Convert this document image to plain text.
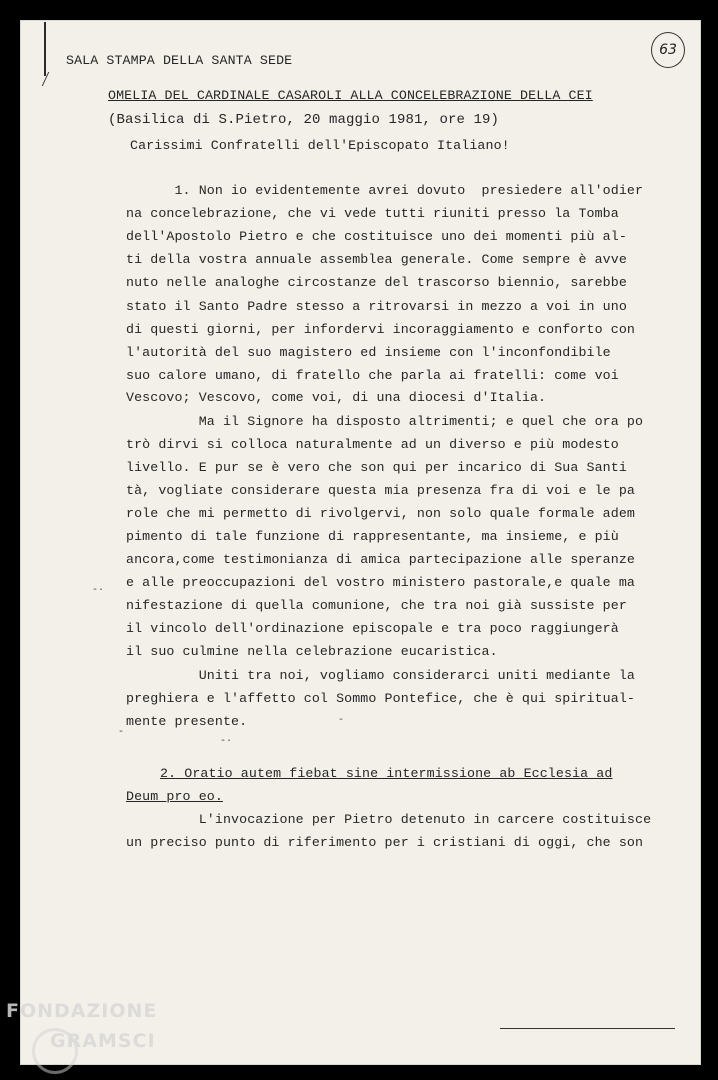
63
SALA STAMPA DELLA SANTA SEDE
OMELIA DEL CARDINALE CASAROLI ALLA CONCELEBRAZIONE DELLA CEI
(Basilica di S.Pietro, 20 maggio 1981, ore 19)
Carissimi Confratelli dell'Episcopato Italiano!
1. Non io evidentemente avrei dovuto  presiedere all'odier
na concelebrazione, che vi vede tutti riuniti presso la Tomba
dell'Apostolo Pietro e che costituisce uno dei momenti più al-
ti della vostra annuale assemblea generale. Come sempre è avve
nuto nelle analoghe circostanze del trascorso biennio, sarebbe
stato il Santo Padre stesso a ritrovarsi in mezzo a voi in uno
di questi giorni, per infordervi incoraggiamento e conforto con
l'autorità del suo magistero ed insieme con l'inconfondibile
suo calore umano, di fratello che parla ai fratelli: come voi
Vescovo; Vescovo, come voi, di una diocesi d'Italia.
Ma il Signore ha disposto altrimenti; e quel che ora po
trò dirvi si colloca naturalmente ad un diverso e più modesto
livello. E pur se è vero che son qui per incarico di Sua Santi
tà, vogliate considerare questa mia presenza fra di voi e le pa
role che mi permetto di rivolgervi, non solo quale formale adem
pimento di tale funzione di rappresentante, ma insieme, e più
ancora,come testimonianza di amica partecipazione alle speranze
e alle preoccupazioni del vostro ministero pastorale,e quale ma
nifestazione di quella comunione, che tra noi già sussiste per
il vincolo dell'ordinazione episcopale e tra poco raggiungerà
il suo culmine nella celebrazione eucaristica.
Uniti tra noi, vogliamo considerarci uniti mediante la
preghiera e l'affetto col Sommo Pontefice, che è qui spiritual-
mente presente.
-·
-
-·
-
2. Oratio autem fiebat sine intermissione ab Ecclesia ad
Deum pro eo.
L'invocazione per Pietro detenuto in carcere costituisce
un preciso punto di riferimento per i cristiani di oggi, che son
FONDAZIONE
GRAMSCI
